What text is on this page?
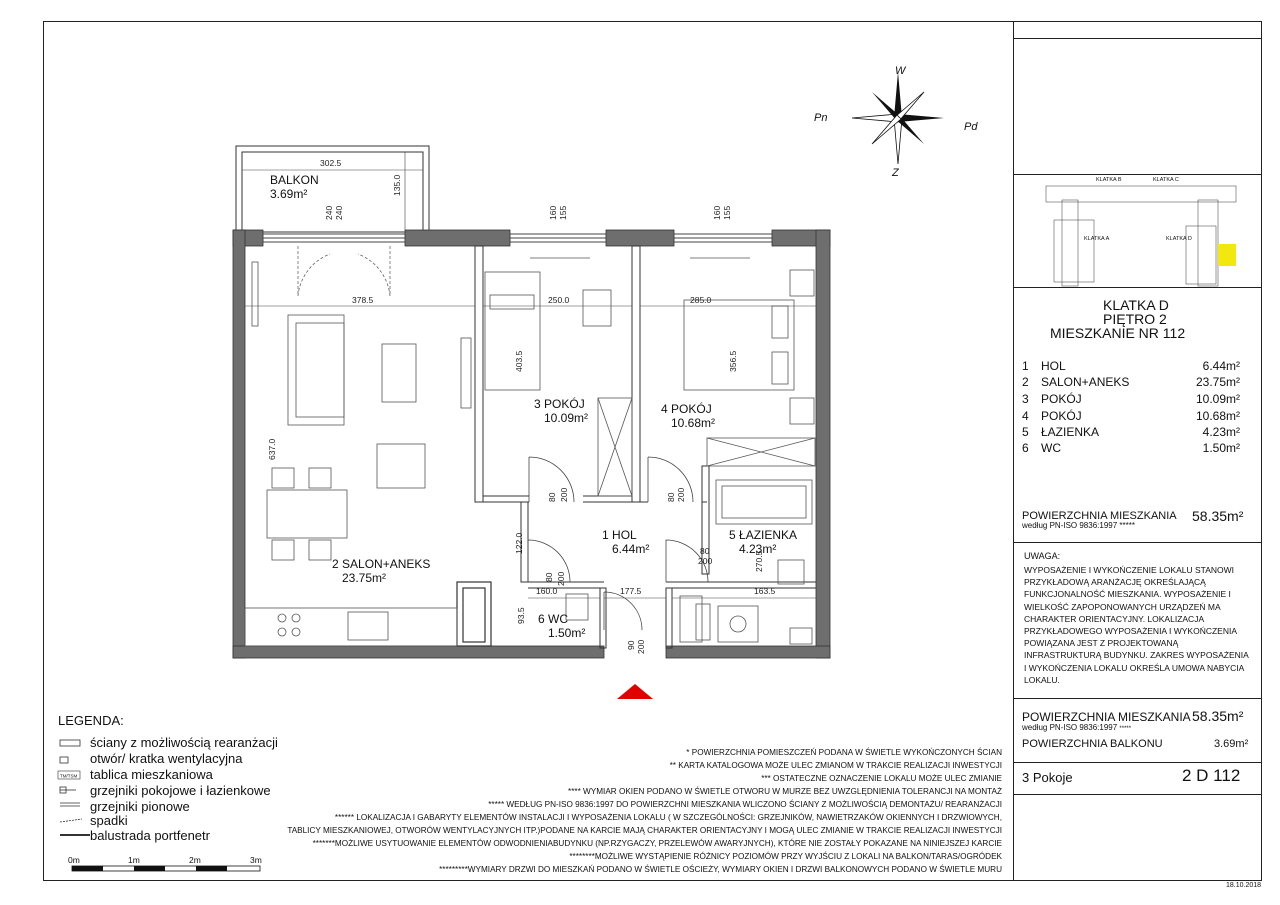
302.5
135.0
240 240	160 155	160 155
378.5	250.0	285.0
403.5	356.5
637.0
80 200	80 200
122.0
80 200
80
200	270.5
160.0	177.5	163.5
93.5
90 200
W
Pn
Pd
Z
0m	1m	2m	3m
TM/TSM
KLATKA B	KLATKA C
KLATKA A	KLATKA D
BALKON
3.69m²
2 SALON+ANEKS
23.75m²
3 POKÓJ
10.09m²
4 POKÓJ
10.68m²
1 HOL
6.44m²
5 ŁAZIENKA
4.23m²
6 WC
1.50m²
KLATKA D
PIĘTRO 2
MIESZKANIE NR 112
1 HOL	6.44m²
2 SALON+ANEKS	23.75m²
3 POKÓJ	10.09m²
4 POKÓJ	10.68m²
5 ŁAZIENKA	4.23m²
6 WC	1.50m²
POWIERZCHNIA MIESZKANIA
według PN-ISO 9836:1997 *****
58.35m²
UWAGA:
WYPOSAŻENIE I WYKOŃCZENIE LOKALU STANOWI
PRZYKŁADOWĄ ARANŻACJĘ OKREŚLAJĄCĄ
FUNKCJONALNOŚĆ MIESZKANIA. WYPOSAŻENIE I
WIELKOŚĆ ZAPOPONOWANYCH URZĄDZEŃ MA
CHARAKTER ORIENTACYJNY. LOKALIZACJA
PRZYKŁADOWEGO WYPOSAŻENIA I WYKOŃCZENIA
POWIĄZANA JEST Z PROJEKTOWANĄ
INFRASTRUKTURĄ BUDYNKU. ZAKRES WYPOSAŻENIA
I WYKOŃCZENIA LOKALU OKREŚLA UMOWA NABYCIA
LOKALU.
POWIERZCHNIA MIESZKANIA 58.35m²
według PN-ISO 9836:1997 *****
POWIERZCHNIA BALKONU	3.69m²
3 Pokoje	2 D 112
18.10.2018
LEGENDA:
ściany z możliwością rearanżacji
otwór/ kratka wentylacyjna
tablica mieszkaniowa
grzejniki pokojowe i łazienkowe
grzejniki pionowe
spadki
balustrada portfenetr
* POWIERZCHNIA POMIESZCZEŃ PODANA W ŚWIETLE WYKOŃCZONYCH ŚCIAN
** KARTA KATALOGOWA MOŻE ULEC ZMIANOM W TRAKCIE REALIZACJI INWESTYCJI
*** OSTATECZNE OZNACZENIE LOKALU MOŻE ULEC ZMIANIE
**** WYMIAR OKIEN PODANO W ŚWIETLE OTWORU W MURZE BEZ UWZGLĘDNIENIA TOLERANCJI NA MONTAŻ
***** WEDŁUG PN-ISO 9836:1997 DO POWIERZCHNI MIESZKANIA WLICZONO ŚCIANY Z MOŻLIWOŚCIĄ DEMONTAŻU/ REARANŻACJI
****** LOKALIZACJA I GABARYTY ELEMENTÓW INSTALACJI I WYPOSAŻENIA LOKALU ( W SZCZEGÓLNOŚCI: GRZEJNIKÓW, NAWIETRZAKÓW OKIENNYCH I DRZWIOWYCH,
TABLICY MIESZKANIOWEJ, OTWORÓW WENTYLACYJNYCH ITP.)PODANE NA KARCIE MAJĄ CHARAKTER ORIENTACYJNY I MOGĄ ULEC ZMIANIE W TRAKCIE REALIZACJI INWESTYCJI
*******MOŻLIWE USYTUOWANIE ELEMENTÓW ODWODNIENIABUDYNKU (NP.RZYGACZY, PRZELEWÓW AWARYJNYCH), KTÓRE NIE ZOSTAŁY POKAZANE NA NINIEJSZEJ KARCIE
********MOŻLIWE WYSTĄPIENIE RÓŻNICY POZIOMÓW PRZY WYJŚCIU Z LOKALI NA BALKON/TARAS/OGRÓDEK
*********WYMIARY DRZWI DO MIESZKAŃ PODANO W ŚWIETLE OŚCIEŻY, WYMIARY OKIEN I DRZWI BALKONOWYCH PODANO W ŚWIETLE MURU
